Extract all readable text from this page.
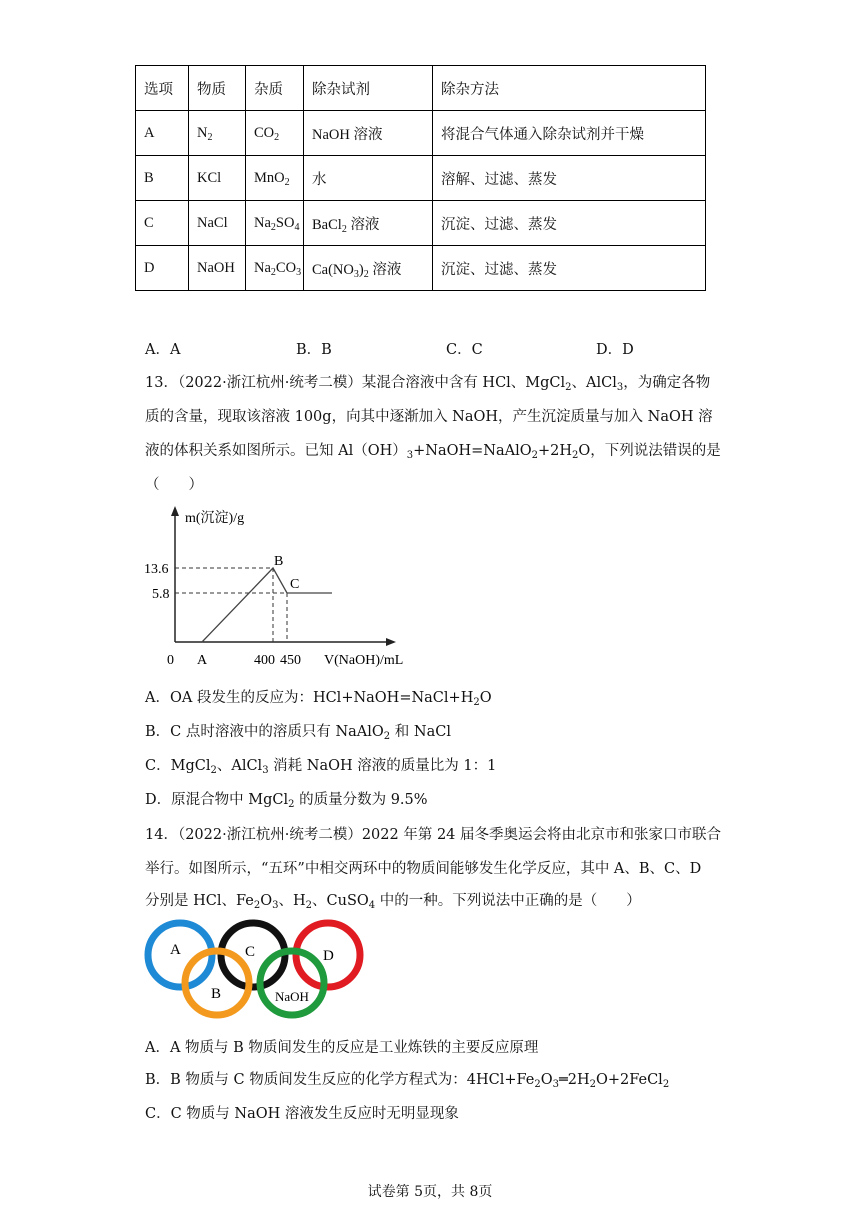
选项	物质	杂质	除杂试剂	除杂方法
A	$N_2$	$CO_2$	NaOH 溶液	将混合气体通入除杂试剂并干燥
B	KCl	MnO$_2$	水	溶解、过滤、蒸发
C	NaCl	$Na_2SO_4$	BaCl$_2$ 溶液	沉淀、过滤、蒸发
D	NaOH	$Na_2CO_3$	$Ca(NO_3)_2$ 溶液	沉淀、过滤、蒸发
A．A	B．B	C．C	D．D
13．（2022·浙江杭州·统考二模）某混合溶液中含有 HCl、MgCl$_2$、AlCl$_3$，为确定各物
质的含量，现取该溶液 100g，向其中逐渐加入 NaOH，产生沉淀质量与加入 NaOH 溶
液的体积关系如图所示。已知 $Al(OH)_3+NaOH=NaAlO_2+2H_2O$，下列说法错误的是
（　　）
m(沉淀)/g
V(NaOH)/mL
0
13.6
5.8
400 450
A
B
C
A．OA 段发生的反应为：$HCl+NaOH=NaCl+H_2O$
B．C 点时溶液中的溶质只有 NaAlO$_2$ 和 NaCl
C．MgCl$_2$、AlCl$_3$ 消耗 NaOH 溶液的质量比为 1：1
D．原混合物中 MgCl$_2$ 的质量分数为 9.5%
14．（2022·浙江杭州·统考二模）2022 年第 24 届冬季奥运会将由北京市和张家口市联合
举行。如图所示，“五环”中相交两环中的物质间能够发生化学反应，其中 A、B、C、D
分别是 HCl、$Fe_2O_3$、$H_2$、CuSO$_4$ 中的一种。下列说法中正确的是（　　）
A
B
C	D
NaOH
A．A 物质与 B 物质间发生的反应是工业炼铁的主要反应原理
B．B 物质与 C 物质间发生反应的化学方程式为：$4HCl+Fe_2O_3═2H_2O+2FeCl_2$
C．C 物质与 NaOH 溶液发生反应时无明显现象
试卷第 5页，共 8页
